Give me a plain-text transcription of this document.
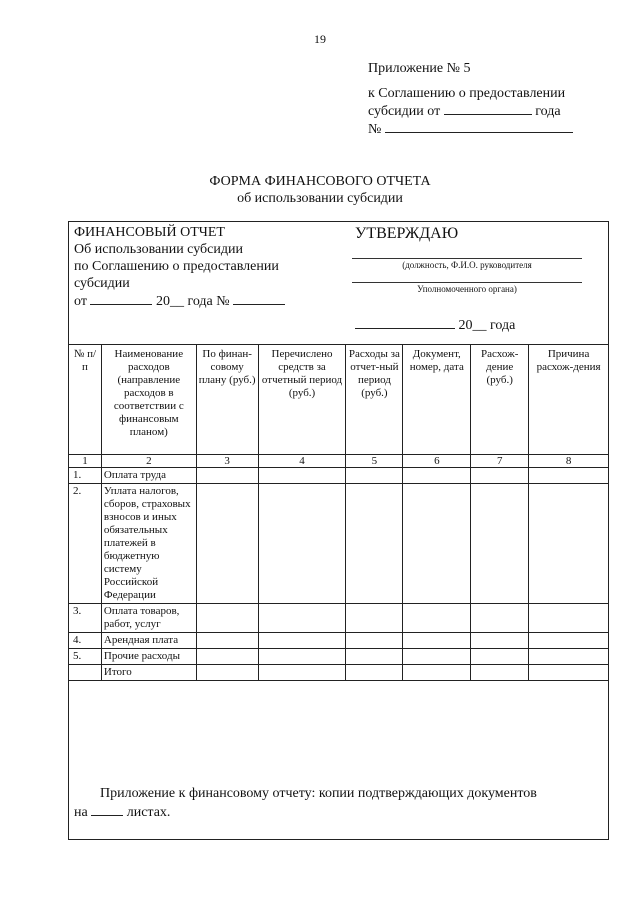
19
Приложение № 5
к Соглашению о предоставлении
субсидии от	года
№
ФОРМА ФИНАНСОВОГО ОТЧЕТА
об использовании субсидии
ФИНАНСОВЫЙ ОТЧЕТ
Об использовании субсидии
по Соглашению о предоставлении
субсидии
от	20__ года №
УТВЕРЖДАЮ
(должность, Ф.И.О. руководителя
Уполномоченного органа)
20__ года
№ п/п	Наименование расходов (направление расходов в соответствии с финансовым планом)	По финан-совому плану (руб.)	Перечислено средств за отчетный период (руб.)	Расходы за отчет-ный период (руб.)	Документ, номер, дата	Расхож-дение (руб.)	Причина расхож-дения
1	2	3	4	5	6	7	8
1.	Оплата труда						
2.	Уплата налогов, сборов, страховых взносов и иных обязательных платежей в бюджетную систему Российской Федерации						
3.	Оплата товаров, работ, услуг						
4.	Арендная плата						
5.	Прочие расходы						
	Итого						
Приложение к финансовому отчету: копии подтверждающих документов
на	листах.
